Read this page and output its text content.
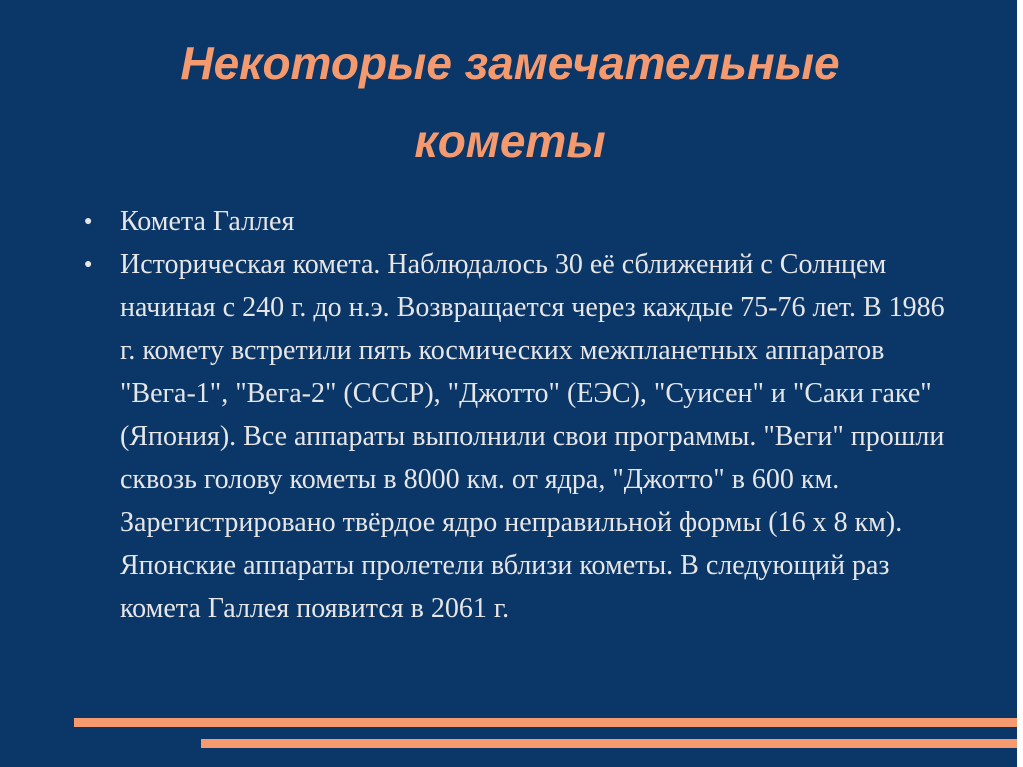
Некоторые замечательные
кометы
● Комета Галлея
● Историческая комета. Наблюдалось 30 её сближений с Солнцем начиная с 240 г. до н.э. Возвращается через каждые 75-76 лет. В 1986 г. комету встретили пять космических межпланетных аппаратов "Вега-1", "Вега-2" (СССР), "Джотто" (ЕЭС), "Суисен" и "Саки гаке" (Япония). Все аппараты выполнили свои программы. "Веги" прошли сквозь голову кометы в 8000 км. от ядра, "Джотто" в 600 км. Зарегистрировано твёрдое ядро неправильной формы (16 х 8 км). Японские аппараты пролетели вблизи кометы. В следующий раз комета Галлея появится в 2061 г.
